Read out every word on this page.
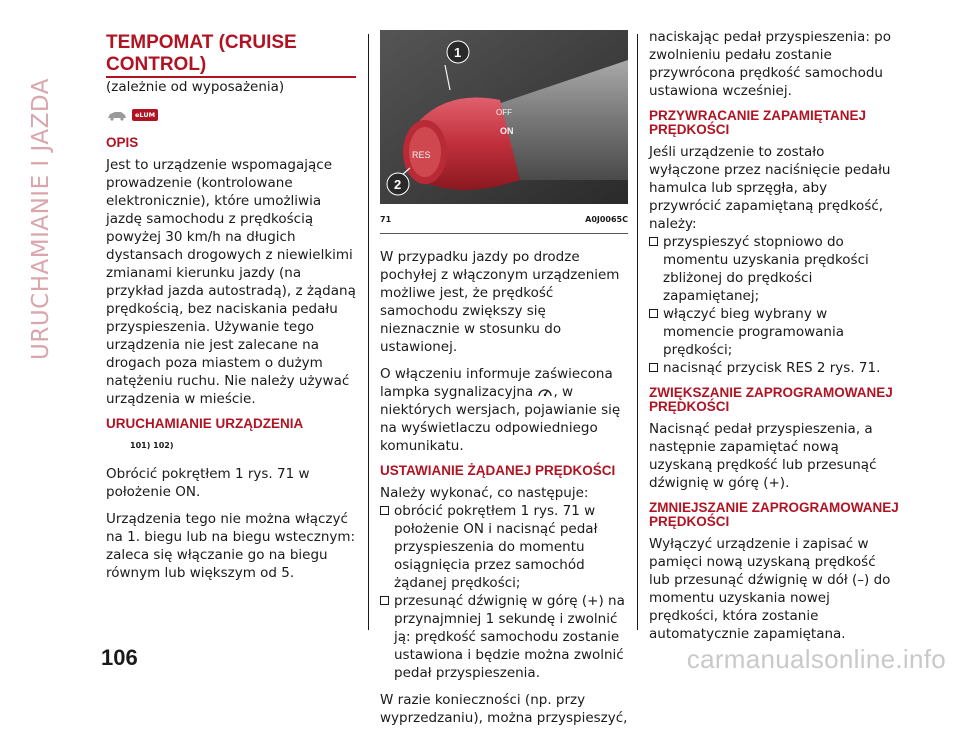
URUCHAMIANIE I JAZDA
TEMPOMAT (CRUISE CONTROL)

(zależnie od wyposażenia)

eLUM
OPIS

Jest to urządzenie wspomagające prowadzenie (kontrolowane elektronicznie), które umożliwia jazdę samochodu z prędkością powyżej 30 km/h na długich dystansach drogowych z niewielkimi zmianami kierunku jazdy (na przykład jazda autostradą), z żądaną prędkością, bez naciskania pedału przyspieszenia. Używanie tego urządzenia nie jest zalecane na drogach poza miastem o dużym natężeniu ruchu. Nie należy używać urządzenia w mieście.

URUCHAMIANIE URZĄDZENIA
101) 102)

Obrócić pokrętłem 1 rys. 71 w położenie ON.

Urządzenia tego nie można włączyć na 1. biegu lub na biegu wstecznym: zaleca się włączanie go na biegu równym lub większym od 5.

RES
OFF
ON
1
2
71	A0J0065C

W przypadku jazdy po drodze pochyłej z włączonym urządzeniem możliwe jest, że prędkość samochodu zwiększy się nieznacznie w stosunku do ustawionej.

O włączeniu informuje zaświecona lampka sygnalizacyjna , w niektórych wersjach, pojawianie się na wyświetlaczu odpowiedniego komunikatu.

USTAWIANIE ŻĄDANEJ PRĘDKOŚCI

Należy wykonać, co następuje:

obrócić pokrętłem 1 rys. 71 w położenie ON i nacisnąć pedał przyspieszenia do momentu osiągnięcia przez samochód żądanej prędkości;
przesunąć dźwignię w górę (+) na przynajmniej 1 sekundę i zwolnić ją: prędkość samochodu zostanie ustawiona i będzie można zwolnić pedał przyspieszenia.

W razie konieczności (np. przy wyprzedzaniu), można przyspieszyć,

naciskając pedał przyspieszenia: po zwolnieniu pedału zostanie przywrócona prędkość samochodu ustawiona wcześniej.

PRZYWRACANIE ZAPAMIĘTANEJ PRĘDKOŚCI

Jeśli urządzenie to zostało wyłączone przez naciśnięcie pedału hamulca lub sprzęgła, aby przywrócić zapamiętaną prędkość, należy:

przyspieszyć stopniowo do momentu uzyskania prędkości zbliżonej do prędkości zapamiętanej;
włączyć bieg wybrany w momencie programowania prędkości;
nacisnąć przycisk RES 2 rys. 71.
ZWIĘKSZANIE ZAPROGRAMOWANEJ PRĘDKOŚCI

Nacisnąć pedał przyspieszenia, a następnie zapamiętać nową uzyskaną prędkość lub przesunąć dźwignię w górę (+).

ZMNIEJSZANIE ZAPROGRAMOWANEJ PRĘDKOŚCI

Wyłączyć urządzenie i zapisać w pamięci nową uzyskaną prędkość lub przesunąć dźwignię w dół (–) do momentu uzyskania nowej prędkości, która zostanie automatycznie zapamiętana.

106	carmanualsonline.info
